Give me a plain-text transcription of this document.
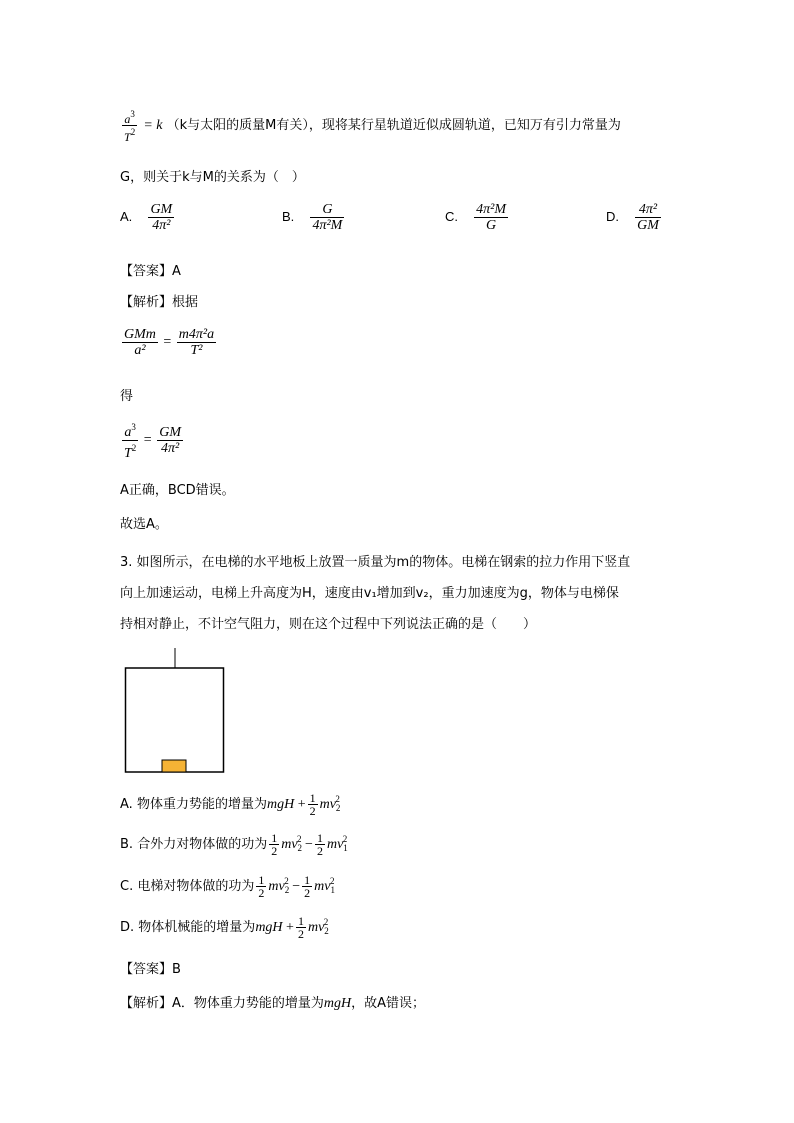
$\frac{a^3}{T^2} = k$ （k与太阳的质量M有关），现将某行星轨道近似成圆轨道，已知万有引力常量为
G，则关于k与M的关系为（　）
A. $\frac{GM}{\text{4π²}}$	B. $\frac{G}{\text{4π²M}}$	C. $\frac{\text{4π²M}}{G}$	D. $\frac{\text{4π²}}{GM}$
【答案】A
【解析】根据
$\frac{\text{GMm}}{\text{a²}} = \frac{\text{m4π²a}}{\text{T²}}$
得
$\frac{a^3}{T^2} = \frac{GM}{\text{4π²}}$
A正确，BCD错误。
故选A。
3. 如图所示，在电梯的水平地板上放置一质量为m的物体。电梯在钢索的拉力作用下竖直
向上加速运动，电梯上升高度为H，速度由v₁增加到v₂，重力加速度为g，物体与电梯保
持相对静止，不计空气阻力，则在这个过程中下列说法正确的是（　　）
A. 物体重力势能的增量为mgH + $\frac{1}{2} mv_2^2$
B. 合外力对物体做的功为 $\frac{1}{2} mv_2^2 - \frac{1}{2} mv_1^2$
C. 电梯对物体做的功为 $\frac{1}{2} mv_2^2 - \frac{1}{2} mv_1^2$
D. 物体机械能的增量为mgH + $\frac{1}{2} mv_2^2$
【答案】B
【解析】A．物体重力势能的增量为mgH，故A错误；
